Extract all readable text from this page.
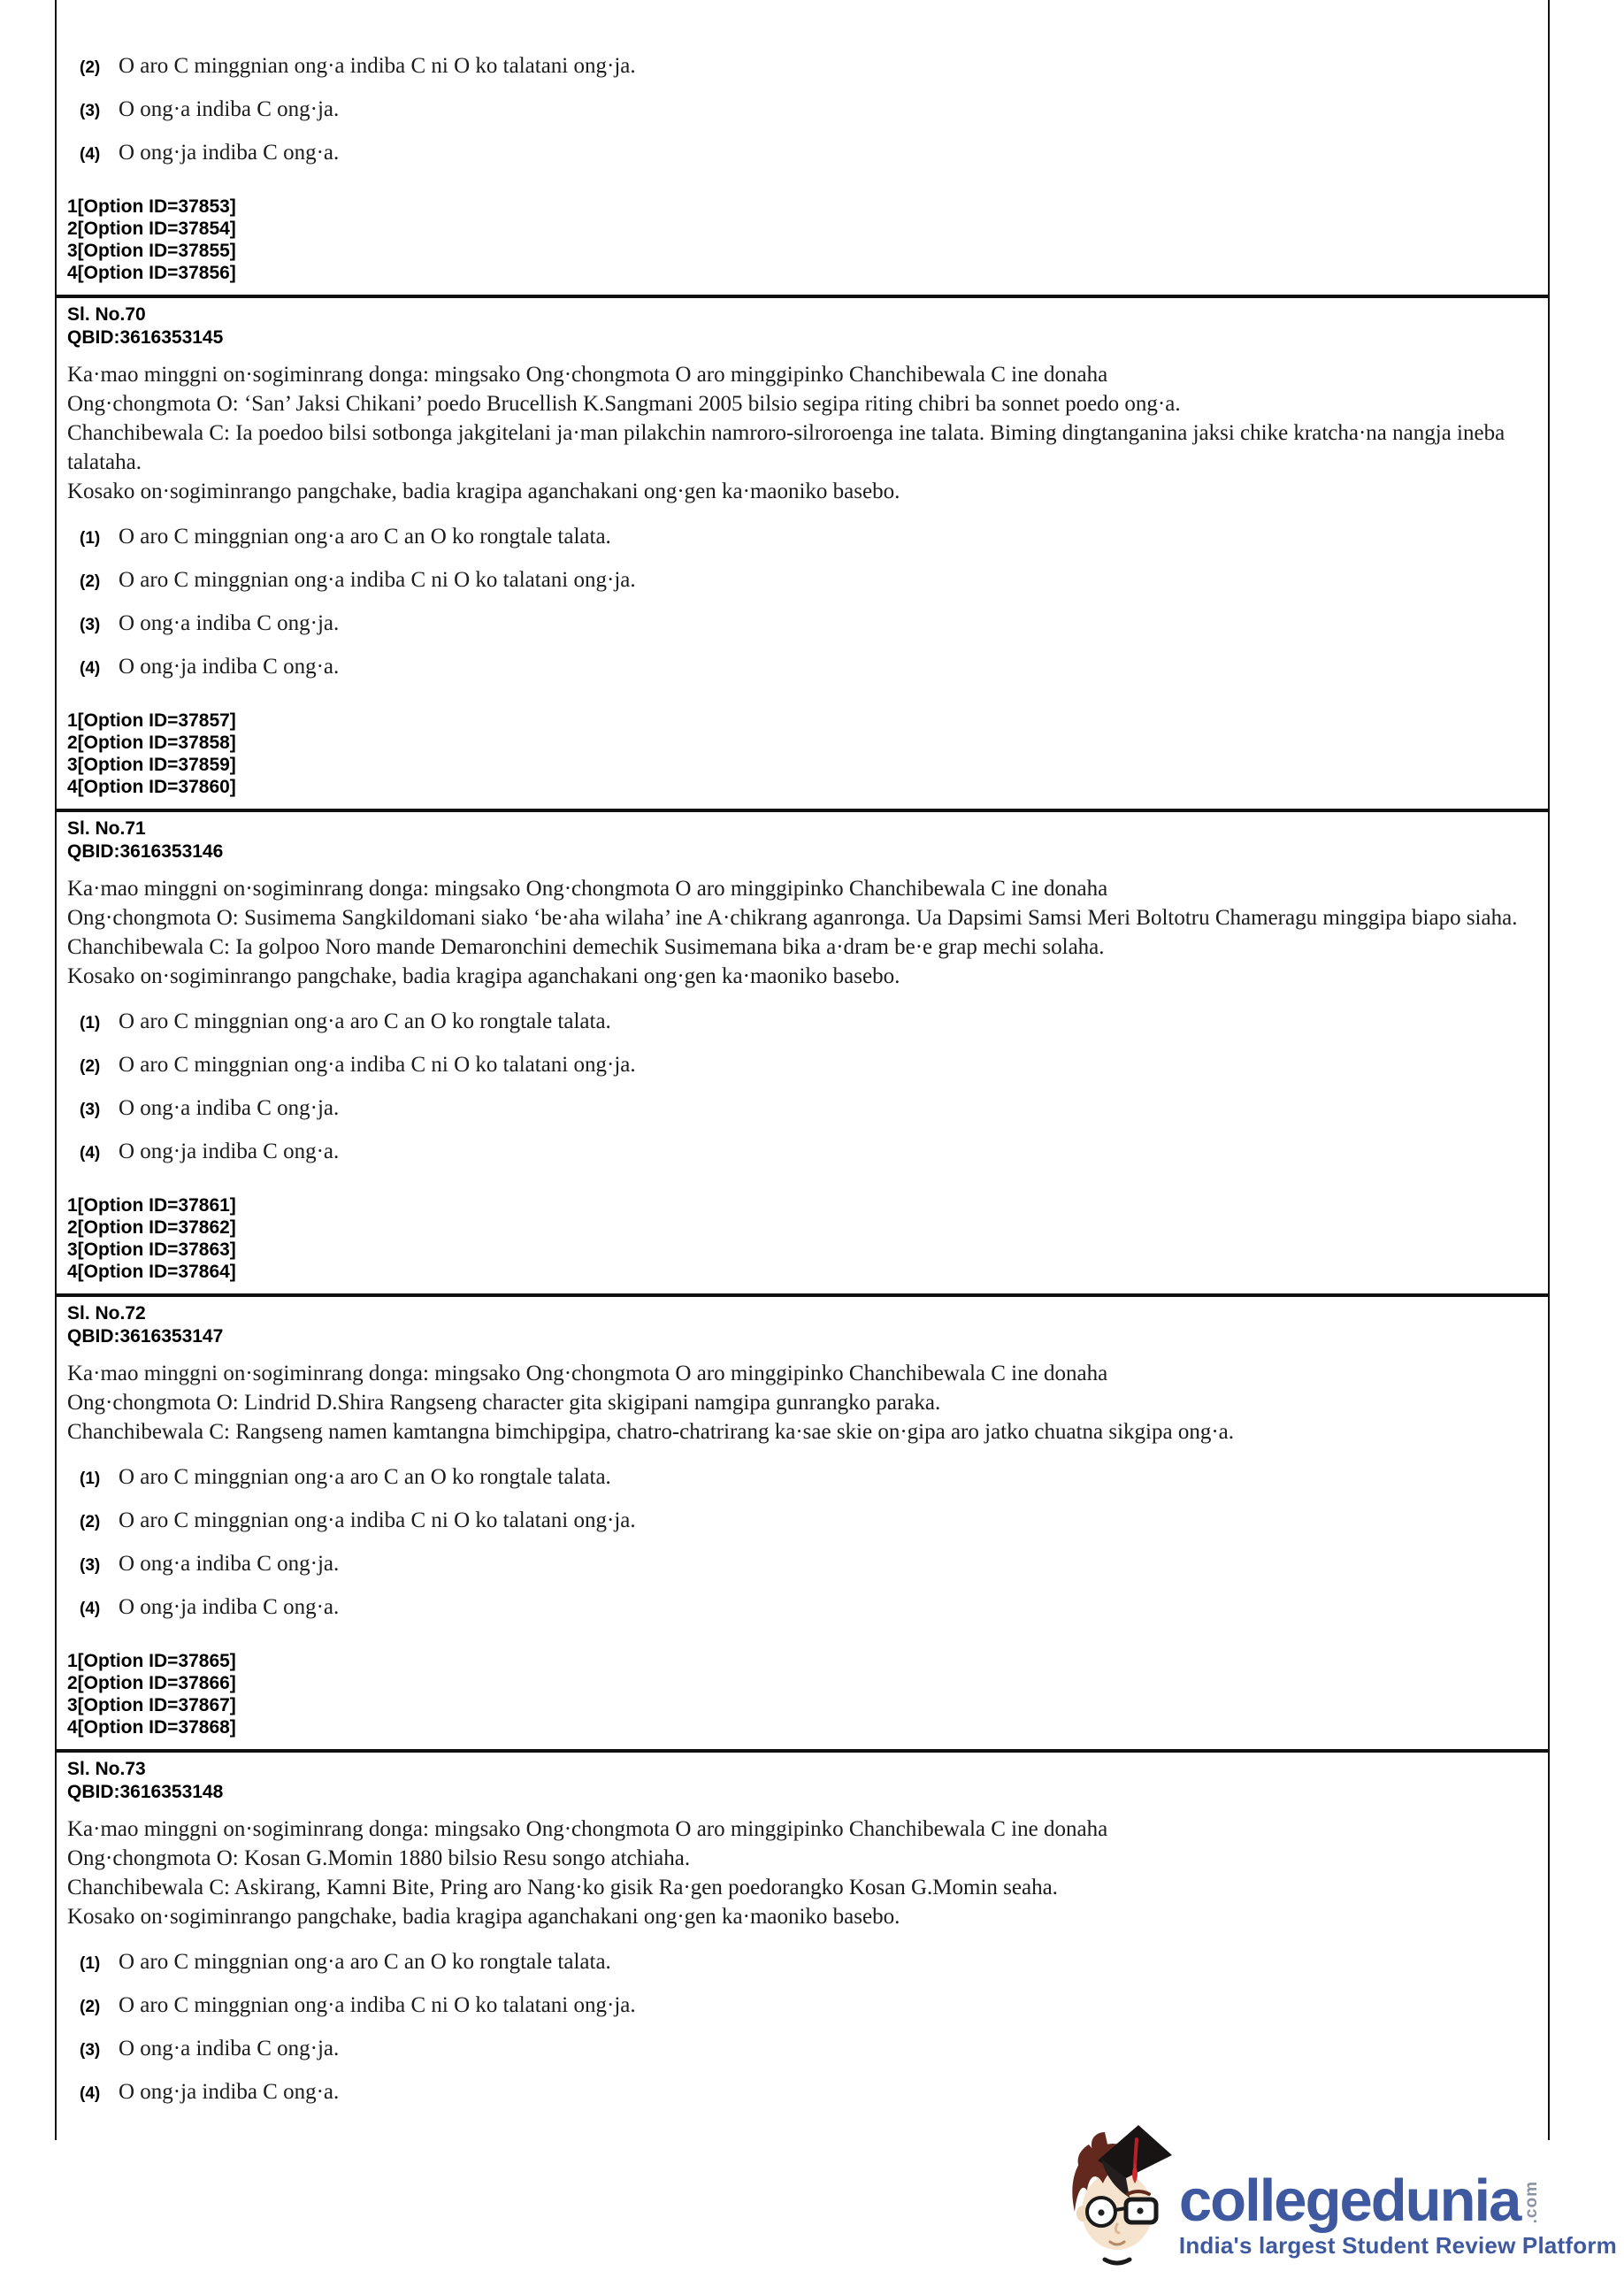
(2) O aro C minggnian ong·a indiba C ni O ko talatani ong·ja.
(3) O ong·a indiba C ong·ja.
(4) O ong·ja indiba C ong·a.
1[Option ID=37853]
2[Option ID=37854]
3[Option ID=37855]
4[Option ID=37856]
Sl. No.70
QBID:3616353145
Ka·mao minggni on·sogiminrang donga: mingsako Ong·chongmota O aro minggipinko Chanchibewala C ine donaha
Ong·chongmota O: ‘San’ Jaksi Chikani’ poedo Brucellish K.Sangmani 2005 bilsio segipa riting chibri ba sonnet poedo ong·a.
Chanchibewala C: Ia poedoo bilsi sotbonga jakgitelani ja·man pilakchin namroro-silroroenga ine talata. Biming dingtanganina jaksi chike kratcha·na nangja ineba talataha.
Kosako on·sogiminrango pangchake, badia kragipa aganchakani ong·gen ka·maoniko basebo.
(1) O aro C minggnian ong·a aro C an O ko rongtale talata.
(2) O aro C minggnian ong·a indiba C ni O ko talatani ong·ja.
(3) O ong·a indiba C ong·ja.
(4) O ong·ja indiba C ong·a.
1[Option ID=37857]
2[Option ID=37858]
3[Option ID=37859]
4[Option ID=37860]
Sl. No.71
QBID:3616353146
Ka·mao minggni on·sogiminrang donga: mingsako Ong·chongmota O aro minggipinko Chanchibewala C ine donaha
Ong·chongmota O: Susimema Sangkildomani siako ‘be·aha wilaha’ ine A·chikrang aganronga. Ua Dapsimi Samsi Meri Boltotru Chameragu minggipa biapo siaha.
Chanchibewala C: Ia golpoo Noro mande Demaronchini demechik Susimemana bika a·dram be·e grap mechi solaha.
Kosako on·sogiminrango pangchake, badia kragipa aganchakani ong·gen ka·maoniko basebo.
(1) O aro C minggnian ong·a aro C an O ko rongtale talata.
(2) O aro C minggnian ong·a indiba C ni O ko talatani ong·ja.
(3) O ong·a indiba C ong·ja.
(4) O ong·ja indiba C ong·a.
1[Option ID=37861]
2[Option ID=37862]
3[Option ID=37863]
4[Option ID=37864]
Sl. No.72
QBID:3616353147
Ka·mao minggni on·sogiminrang donga: mingsako Ong·chongmota O aro minggipinko Chanchibewala C ine donaha
Ong·chongmota O: Lindrid D.Shira Rangseng character gita skigipani namgipa gunrangko paraka.
Chanchibewala C: Rangseng namen kamtangna bimchipgipa, chatro-chatrirang ka·sae skie on·gipa aro jatko chuatna sikgipa ong·a.
(1) O aro C minggnian ong·a aro C an O ko rongtale talata.
(2) O aro C minggnian ong·a indiba C ni O ko talatani ong·ja.
(3) O ong·a indiba C ong·ja.
(4) O ong·ja indiba C ong·a.
1[Option ID=37865]
2[Option ID=37866]
3[Option ID=37867]
4[Option ID=37868]
Sl. No.73
QBID:3616353148
Ka·mao minggni on·sogiminrang donga: mingsako Ong·chongmota O aro minggipinko Chanchibewala C ine donaha
Ong·chongmota O: Kosan G.Momin 1880 bilsio Resu songo atchiaha.
Chanchibewala C: Askirang, Kamni Bite, Pring aro Nang·ko gisik Ra·gen poedorangko Kosan G.Momin seaha.
Kosako on·sogiminrango pangchake, badia kragipa aganchakani ong·gen ka·maoniko basebo.
(1) O aro C minggnian ong·a aro C an O ko rongtale talata.
(2) O aro C minggnian ong·a indiba C ni O ko talatani ong·ja.
(3) O ong·a indiba C ong·ja.
(4) O ong·ja indiba C ong·a.
collegedunia .com
India's largest Student Review Platform
